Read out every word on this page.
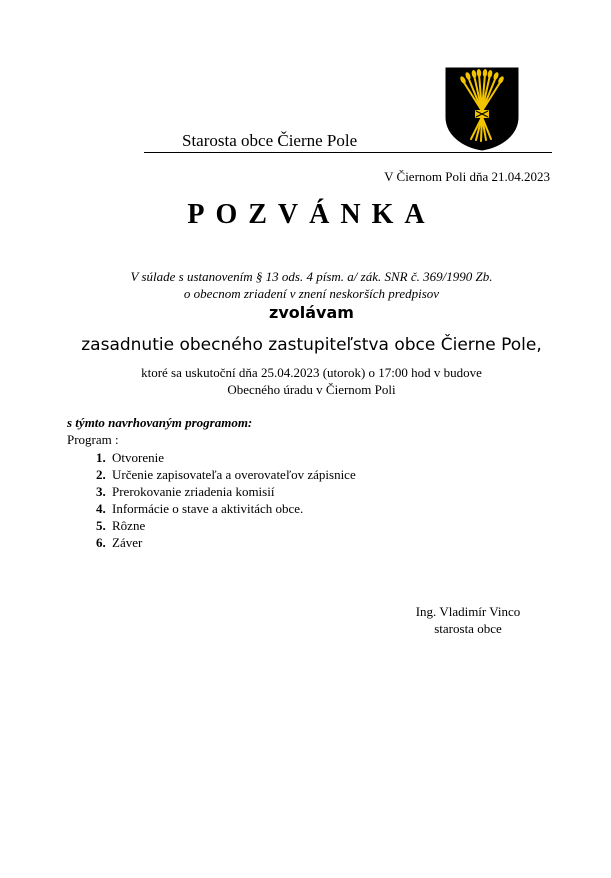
Starosta obce Čierne Pole
V Čiernom Poli dňa 21.04.2023
POZVÁNKA
V súlade s ustanovením § 13 ods. 4 písm. a/ zák. SNR č. 369/1990 Zb.
o obecnom zriadení v znení neskorších predpisov
zvolávam
zasadnutie obecného zastupiteľstva obce Čierne Pole,
ktoré sa uskutoční dňa 25.04.2023 (utorok) o 17:00 hod v budove
Obecného úradu v Čiernom Poli
s týmto navrhovaným programom:
Program :
1. Otvorenie
2. Určenie zapisovateľa a overovateľov zápisnice
3. Prerokovanie zriadenia komisií
4. Informácie o stave a aktivitách obce.
5. Rôzne
6. Záver
Ing. Vladimír Vinco
starosta obce
